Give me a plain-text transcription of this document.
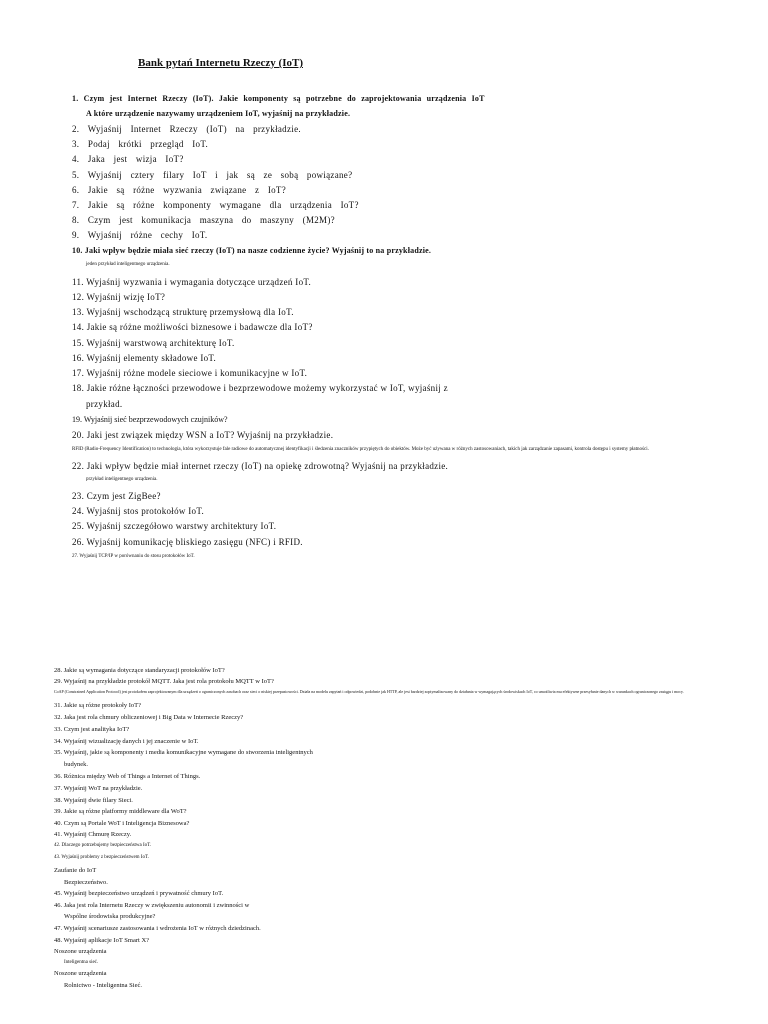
Bank pytań Internetu Rzeczy (IoT)
1. Czym jest Internet Rzeczy (IoT). Jakie komponenty są potrzebne do zaprojektowania urządzenia IoT
A które urządzenie nazywamy urządzeniem IoT, wyjaśnij na przykładzie.
2. Wyjaśnij Internet Rzeczy (IoT) na przykładzie.
3. Podaj krótki przegląd IoT.
4. Jaka jest wizja IoT?
5. Wyjaśnij cztery filary IoT i jak są ze sobą powiązane?
6. Jakie są różne wyzwania związane z IoT?
7. Jakie są różne komponenty wymagane dla urządzenia IoT?
8. Czym jest komunikacja maszyna do maszyny (M2M)?
9. Wyjaśnij różne cechy IoT.
10. Jaki wpływ będzie miała sieć rzeczy (IoT) na nasze codzienne życie? Wyjaśnij to na przykładzie.
jeden przykład inteligentnego urządzenia.
11. Wyjaśnij wyzwania i wymagania dotyczące urządzeń IoT.
12. Wyjaśnij wizję IoT?
13. Wyjaśnij wschodzącą strukturę przemysłową dla IoT.
14. Jakie są różne możliwości biznesowe i badawcze dla IoT?
15. Wyjaśnij warstwową architekturę IoT.
16. Wyjaśnij elementy składowe IoT.
17. Wyjaśnij różne modele sieciowe i komunikacyjne w IoT.
18. Jakie różne łączności przewodowe i bezprzewodowe możemy wykorzystać w IoT, wyjaśnij z
przykład.
19. Wyjaśnij sieć bezprzewodowych czujników?
20. Jaki jest związek między WSN a IoT? Wyjaśnij na przykładzie.
RFID (Radio-Frequency Identification) to technologia, która wykorzystuje fale radiowe do automatycznej identyfikacji i śledzenia znaczników przypiętych do obiektów. Może być używana w różnych zastosowaniach, takich jak zarządzanie zapasami, kontrola dostępu i systemy płatności.
22. Jaki wpływ będzie miał internet rzeczy (IoT) na opiekę zdrowotną? Wyjaśnij na przykładzie.
przykład inteligentnego urządzenia.
23. Czym jest ZigBee?
24. Wyjaśnij stos protokołów IoT.
25. Wyjaśnij szczegółowo warstwy architektury IoT.
26. Wyjaśnij komunikację bliskiego zasięgu (NFC) i RFID.
27. Wyjaśnij TCP/IP w porównaniu do stosu protokołów IoT.
28. Jakie są wymagania dotyczące standaryzacji protokołów IoT?
29. Wyjaśnij na przykładzie protokół MQTT. Jaka jest rola protokołu MQTT w IoT?
CoAP (Constrained Application Protocol) jest protokołem zaprojektowanym dla urządzeń o ograniczonych zasobach oraz sieci o niskiej przepustowości. Działa na modelu zapytań i odpowiedzi, podobnie jak HTTP, ale jest bardziej zoptymalizowany do działania w wymagających środowiskach IoT, co umożliwia mu efektywne przesyłanie danych w warunkach ograniczonego zasięgu i mocy.
31. Jakie są różne protokoły IoT?
32. Jaka jest rola chmury obliczeniowej i Big Data w Internecie Rzeczy?
33. Czym jest analityka IoT?
34. Wyjaśnij wizualizację danych i jej znaczenie w IoT.
35. Wyjaśnij, jakie są komponenty i media komunikacyjne wymagane do stworzenia inteligentnych
budynek.
36. Różnica między Web of Things a Internet of Things.
37. Wyjaśnij WoT na przykładzie.
38. Wyjaśnij dwie filary Sieci.
39. Jakie są różne platformy middleware dla WoT?
40. Czym są Portale WoT i Inteligencja Biznesowa?
41. Wyjaśnij Chmurę Rzeczy.
42. Dlaczego potrzebujemy bezpieczeństwa IoT.
43. Wyjaśnij problemy z bezpieczeństwem IoT.
Zaufanie do IoT
Bezpieczeństwo.
45. Wyjaśnij bezpieczeństwo urządzeń i prywatność chmury IoT.
46. Jaka jest rola Internetu Rzeczy w zwiększeniu autonomii i zwinności w
Wspólne środowiska produkcyjne?
47. Wyjaśnij scenariusze zastosowania i wdrożenia IoT w różnych dziedzinach.
48. Wyjaśnij aplikacje IoT Smart X?
Noszone urządzenia
Inteligentna sieć.
Noszone urządzenia
Rolnictwo - Inteligentna Sieć.
